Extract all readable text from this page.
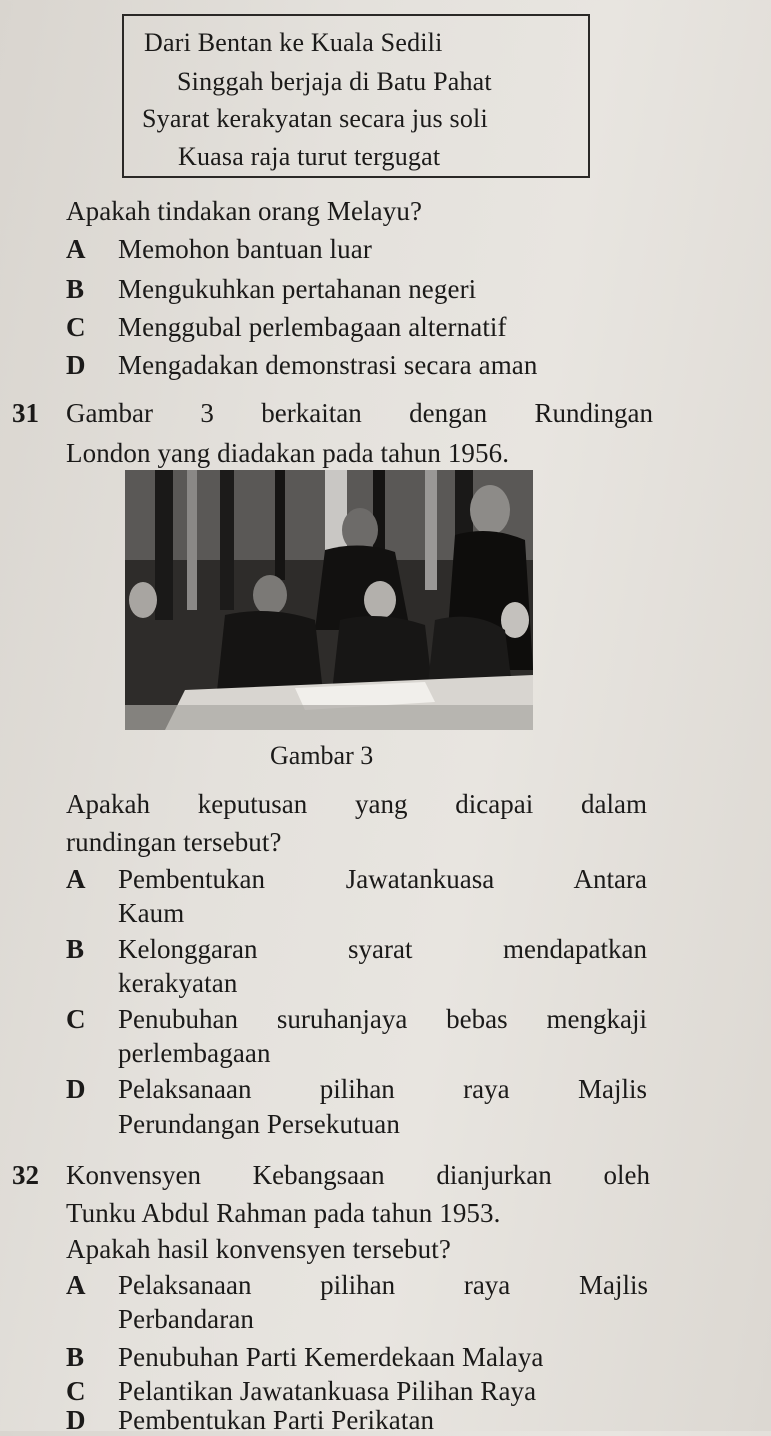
Dari Bentan ke Kuala Sedili
Singgah berjaja di Batu Pahat
Syarat kerakyatan secara jus soli
Kuasa raja turut tergugat
Apakah tindakan orang Melayu?
A Memohon bantuan luar
B Mengukuhkan pertahanan negeri
C Menggubal perlembagaan alternatif
D Mengadakan demonstrasi secara aman
31 Gambar 3 berkaitan dengan Rundingan
London yang diadakan pada tahun 1956.
Gambar 3
Apakah keputusan yang dicapai dalam
rundingan tersebut?
A Pembentukan Jawatankuasa Antara
Kaum
B Kelonggaran syarat mendapatkan
kerakyatan
C Penubuhan suruhanjaya bebas mengkaji
perlembagaan
D Pelaksanaan pilihan raya Majlis
Perundangan Persekutuan
32 Konvensyen Kebangsaan dianjurkan oleh
Tunku Abdul Rahman pada tahun 1953.
Apakah hasil konvensyen tersebut?
A Pelaksanaan pilihan raya Majlis
Perbandaran
B Penubuhan Parti Kemerdekaan Malaya
C Pelantikan Jawatankuasa Pilihan Raya
D Pembentukan Parti Perikatan
